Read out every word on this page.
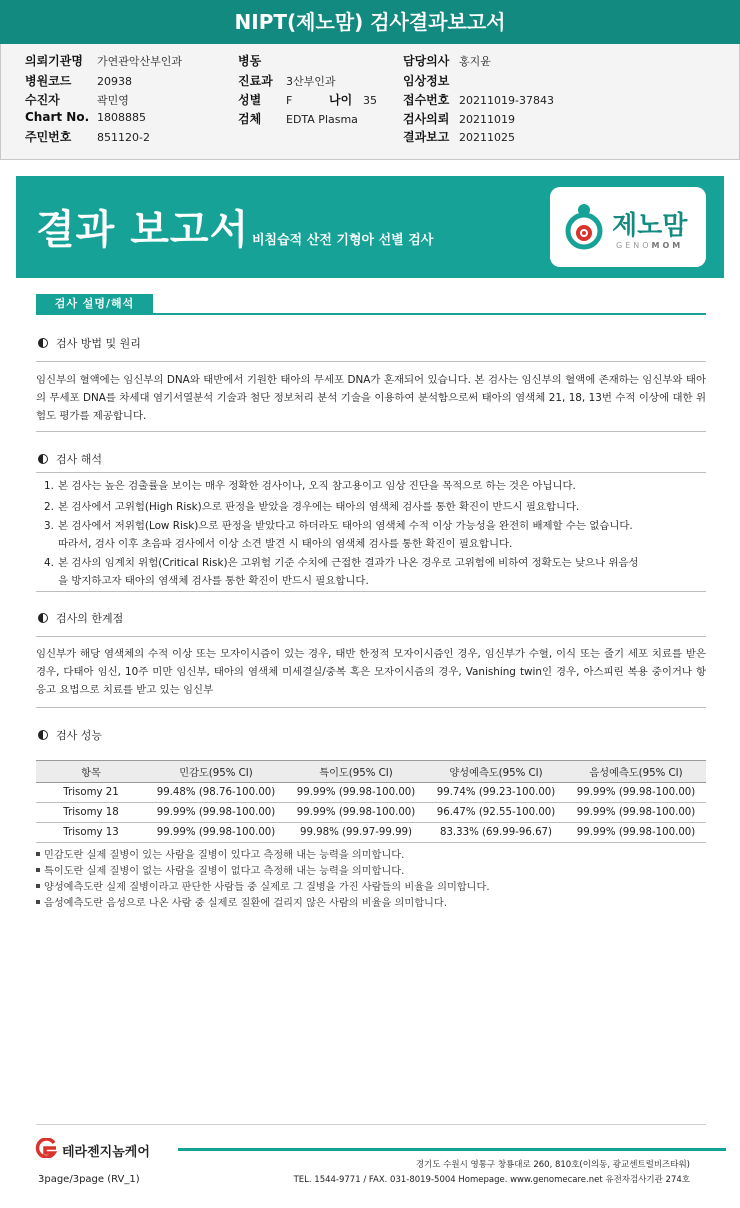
NIPT(제노맘) 검사결과보고서
의뢰기관명 가연관악산부인과
병원코드 20938
수진자	곽민영
Chart No. 1808885
주민번호 851120-2
병동
진료과 3산부인과
성별 F	나이 35
검체 EDTA Plasma
담당의사 홍지윤
임상정보
접수번호 20211019-37843
검사의뢰 20211019
결과보고 20211025
결과 보고서 비침습적 산전 기형아 선별 검사	제노맘
GENOMOM
검사 설명/해석
검사 방법 및 원리
임신부의 혈액에는 임신부의 DNA와 태반에서 기원한 태아의 무세포 DNA가 혼재되어 있습니다. 본 검사는 임신부의 혈액에 존재하는 임신부와 태아의 무세포 DNA를 차세대 염기서열분석 기술과 첨단 정보처리 분석 기술을 이용하여 분석함으로써 태아의 염색체 21, 18, 13번 수적 이상에 대한 위험도 평가를 제공합니다.
검사 해석
1. 본 검사는 높은 검출률을 보이는 매우 정확한 검사이나, 오직 참고용이고 임상 진단을 목적으로 하는 것은 아닙니다.
2. 본 검사에서 고위험(High Risk)으로 판정을 받았을 경우에는 태아의 염색체 검사를 통한 확진이 반드시 필요합니다.
3. 본 검사에서 저위험(Low Risk)으로 판정을 받았다고 하더라도 태아의 염색체 수적 이상 가능성을 완전히 배제할 수는 없습니다.
따라서, 검사 이후 초음파 검사에서 이상 소견 발견 시 태아의 염색체 검사를 통한 확진이 필요합니다.
4. 본 검사의 임계치 위험(Critical Risk)은 고위험 기준 수치에 근접한 결과가 나온 경우로 고위험에 비하여 정확도는 낮으나 위음성
을 방지하고자 태아의 염색체 검사를 통한 확진이 반드시 필요합니다.
검사의 한계점
임신부가 해당 염색체의 수적 이상 또는 모자이시즘이 있는 경우, 태반 한정적 모자이시즘인 경우, 임신부가 수혈, 이식 또는 줄기 세포 치료를 받은 경우, 다태아 임신, 10주 미만 임신부, 태아의 염색체 미세결실/중복 혹은 모자이시즘의 경우, Vanishing twin인 경우, 아스피린 복용 중이거나 항 응고 요법으로 치료를 받고 있는 임신부
검사 성능
항목	민감도(95% CI)	특이도(95% CI)	양성예측도(95% CI)	음성예측도(95% CI)
Trisomy 21	99.48% (98.76-100.00)	99.99% (99.98-100.00)	99.74% (99.23-100.00)	99.99% (99.98-100.00)
Trisomy 18	99.99% (99.98-100.00)	99.99% (99.98-100.00)	96.47% (92.55-100.00)	99.99% (99.98-100.00)
Trisomy 13	99.99% (99.98-100.00)	99.98% (99.97-99.99)	83.33% (69.99-96.67)	99.99% (99.98-100.00)
민감도란 실제 질병이 있는 사람을 질병이 있다고 측정해 내는 능력을 의미합니다.
특이도란 실제 질병이 없는 사람을 질병이 없다고 측정해 내는 능력을 의미합니다.
양성예측도란 실제 질병이라고 판단한 사람들 중 실제로 그 질병을 가진 사람들의 비율을 의미합니다.
음성예측도란 음성으로 나온 사람 중 실제로 질환에 걸리지 않은 사람의 비율을 의미합니다.
테라젠지놈케어
경기도 수원시 영통구 창룡대로 260, 810호(이의동, 광교센트럴비즈타워)
TEL. 1544-9771 / FAX. 031-8019-5004 Homepage. www.genomecare.net 유전자검사기관 274호
3page/3page (RV_1)
